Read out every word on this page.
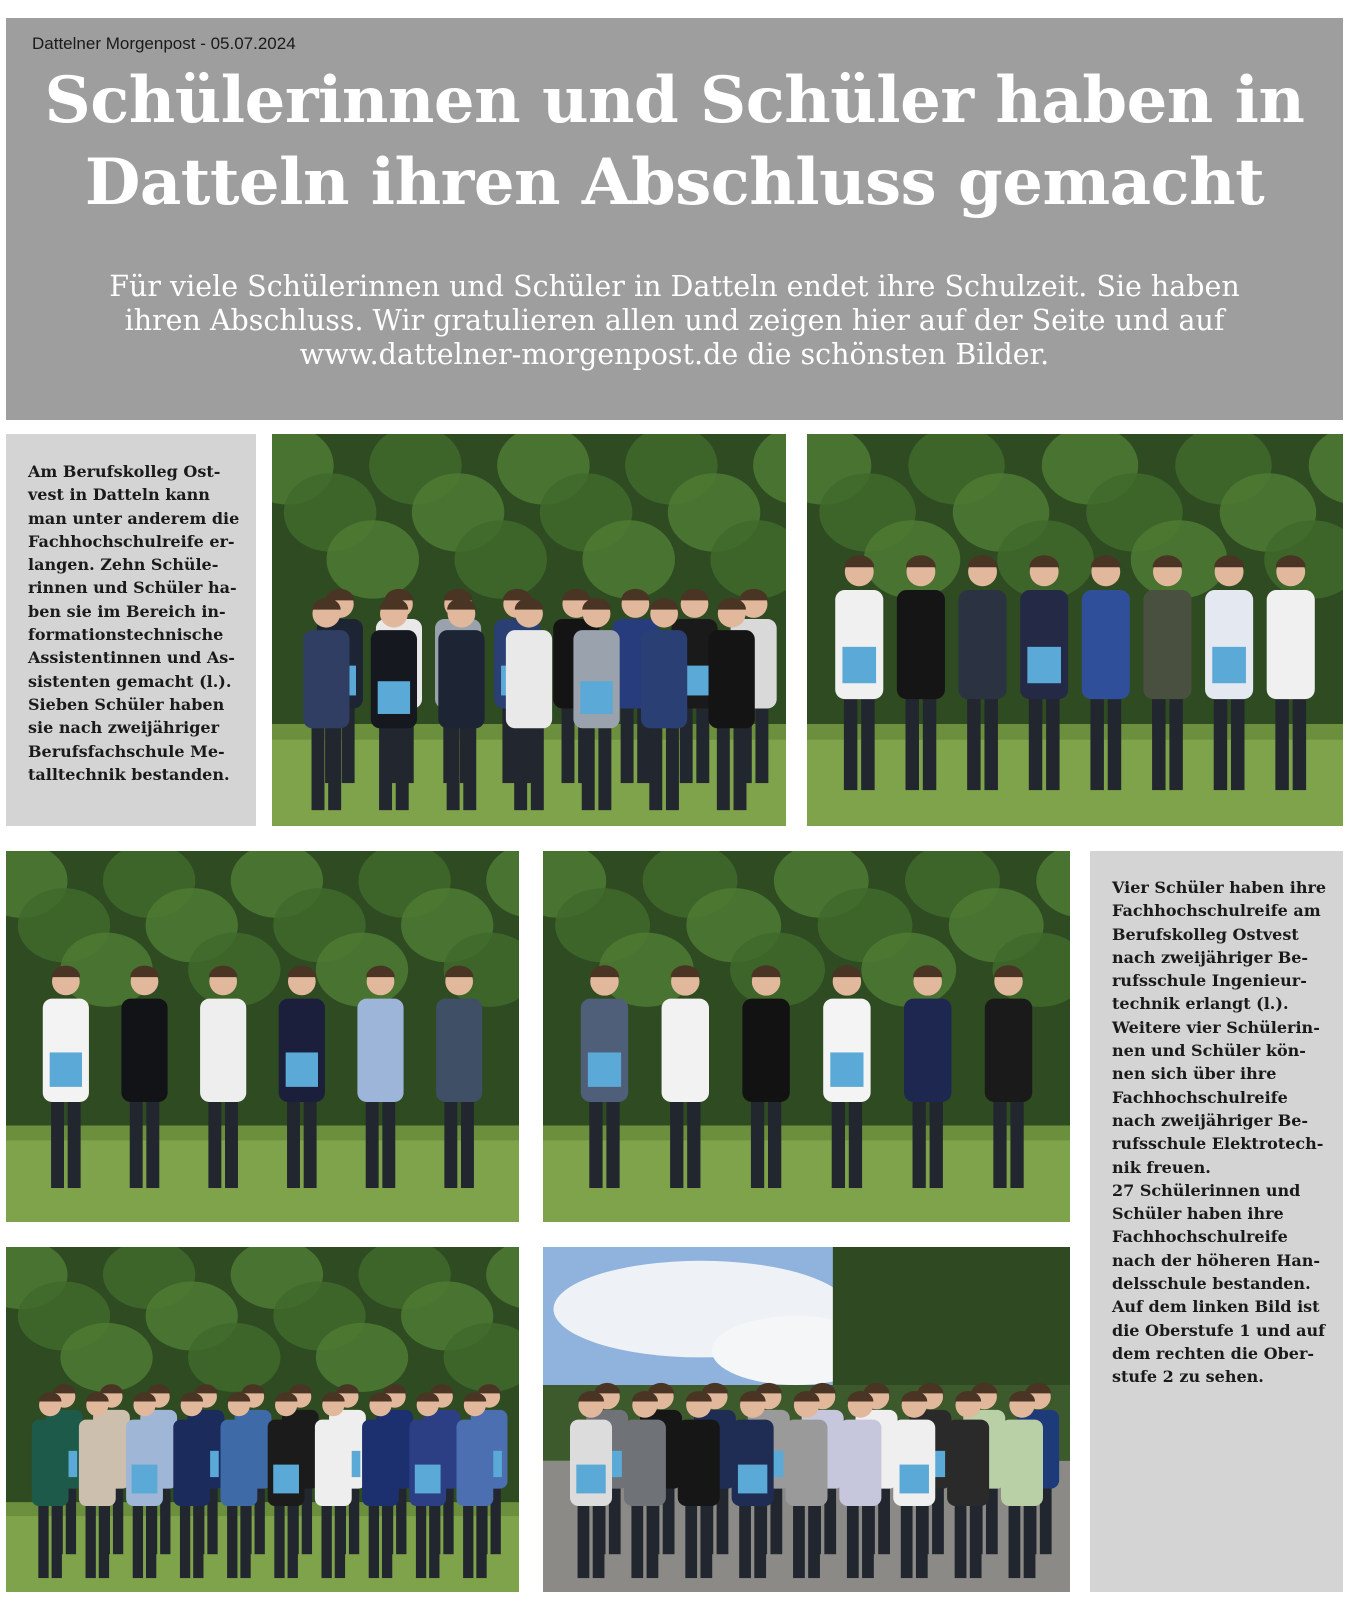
Dattelner Morgenpost - 05.07.2024
Schülerinnen und Schüler haben in
Datteln ihren Abschluss gemacht

Für viele Schülerinnen und Schüler in Datteln endet ihre Schulzeit. Sie haben
ihren Abschluss. Wir gratulieren allen und zeigen hier auf der Seite und auf
www.dattelner-morgenpost.de die schönsten Bilder.

Am Berufskolleg Ost-
vest in Datteln kann
man unter anderem die
Fachhochschulreife er-
langen. Zehn Schüle-
rinnen und Schüler ha-
ben sie im Bereich in-
formationstechnische
Assistentinnen und As-
sistenten gemacht (l.).
Sieben Schüler haben
sie nach zweijähriger
Berufsfachschule Me-
talltechnik bestanden.

Vier Schüler haben ihre
Fachhochschulreife am
Berufskolleg Ostvest
nach zweijähriger Be-
rufsschule Ingenieur-
technik erlangt (l.).
Weitere vier Schülerin-
nen und Schüler kön-
nen sich über ihre
Fachhochschulreife
nach zweijähriger Be-
rufsschule Elektrotech-
nik freuen.
27 Schülerinnen und
Schüler haben ihre
Fachhochschulreife
nach der höheren Han-
delsschule bestanden.
Auf dem linken Bild ist
die Oberstufe 1 und auf
dem rechten die Ober-
stufe 2 zu sehen.
